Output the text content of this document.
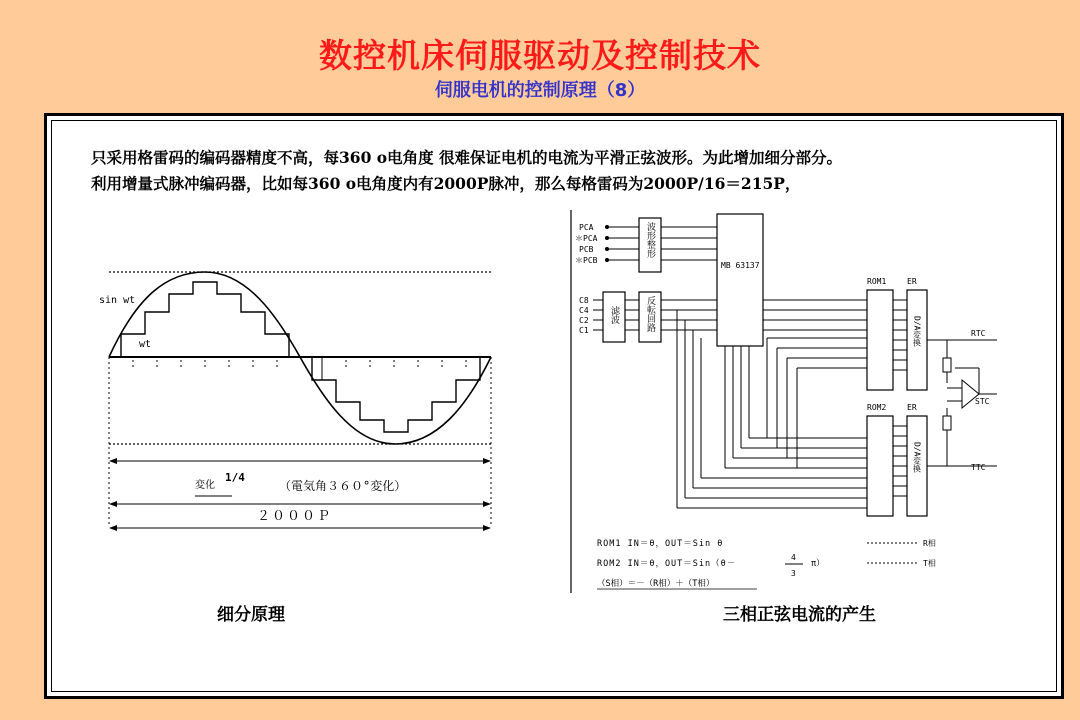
数控机床伺服驱动及控制技术
伺服电机的控制原理（8）
只采用格雷码的编码器精度不高，每360 o电角度 很难保证电机的电流为平滑正弦波形。为此增加细分部分。
利用增量式脉冲编码器，比如每360 o电角度内有2000P脉冲，那么每格雷码为2000P/16＝215P，
sin wt
wt
変化
1/4
（電気角３６０°変化）
２０００Ｐ
PCA
＊PCA
PCB
＊PCB
波形整形
C8
C4
C2
C1
滤波	反転回路
MB 63137
ROM1	ER
D/A変換
ROM2	ER
D/A変換
RTC
STC
TTC
ROM1 IN＝θ，OUT＝Sin θ	R相
ROM2 IN＝θ，OUT＝Sin（θ－
4
3
π）	T相
（S相）＝－（R相）＋（T相）
细分原理	三相正弦电流的产生
